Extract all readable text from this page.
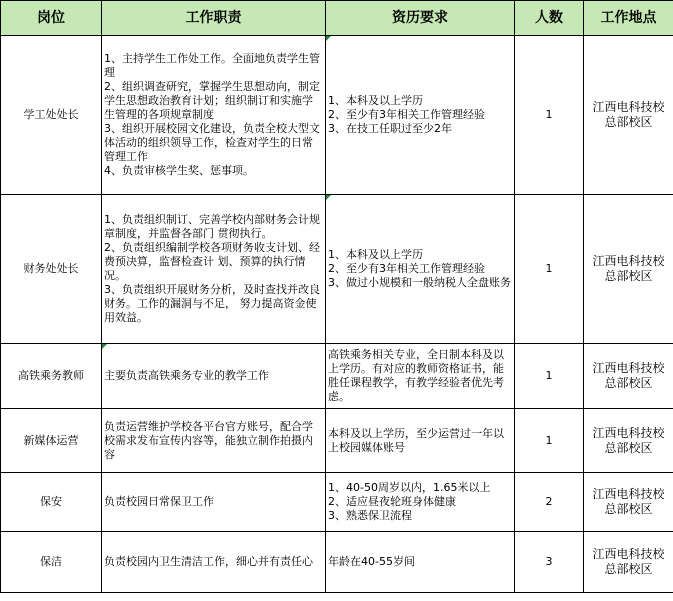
岗位	工作职责	资历要求	人数	工作地点
学工处处长	1、主持学生工作处工作。全面地负责学生管理
2、组织调查研究，掌握学生思想动向，制定学生思想政治教育计划；组织制订和实施学生管理的各项规章制度
3、组织开展校园文化建设，负责全校大型文体活动的组织领导工作，检查对学生的日常管理工作
4、负责审核学生奖、惩事项。	1、本科及以上学历
2、至少有3年相关工作管理经验
3、在技工任职过至少2年	1	江西电科技校
总部校区

财务处处长	1、负责组织制订、完善学校内部财务会计规章制度，并监督各部门 贯彻执行。
2、负责组织编制学校各项财务收支计划、经费预决算，监督检查计 划、预算的执行情况。
3、负责组织开展财务分析，及时查找并改良财务。工作的漏洞与不足， 努力提高资金使用效益。	1、本科及以上学历
2、至少有3年相关工作管理经验
3、做过小规模和一般纳税人全盘账务	1	江西电科技校
总部校区

高铁乘务教师	主要负责高铁乘务专业的教学工作	高铁乘务相关专业，全日制本科及以上学历。有对应的教师资格证书，能胜任课程教学，有教学经验者优先考虑。	1	江西电科技校
总部校区

新媒体运营	负责运营维护学校各平台官方账号，配合学校需求发布宣传内容等，能独立制作拍摄内容	本科及以上学历，至少运营过一年以上校园媒体账号	1	江西电科技校
总部校区

保安	负责校园日常保卫工作	1、40-50周岁以内，1.65米以上
2、适应昼夜轮班身体健康
3、熟悉保卫流程	2	江西电科技校
总部校区

保洁	负责校园内卫生清洁工作，细心并有责任心	年龄在40-55岁间	3	江西电科技校
总部校区
